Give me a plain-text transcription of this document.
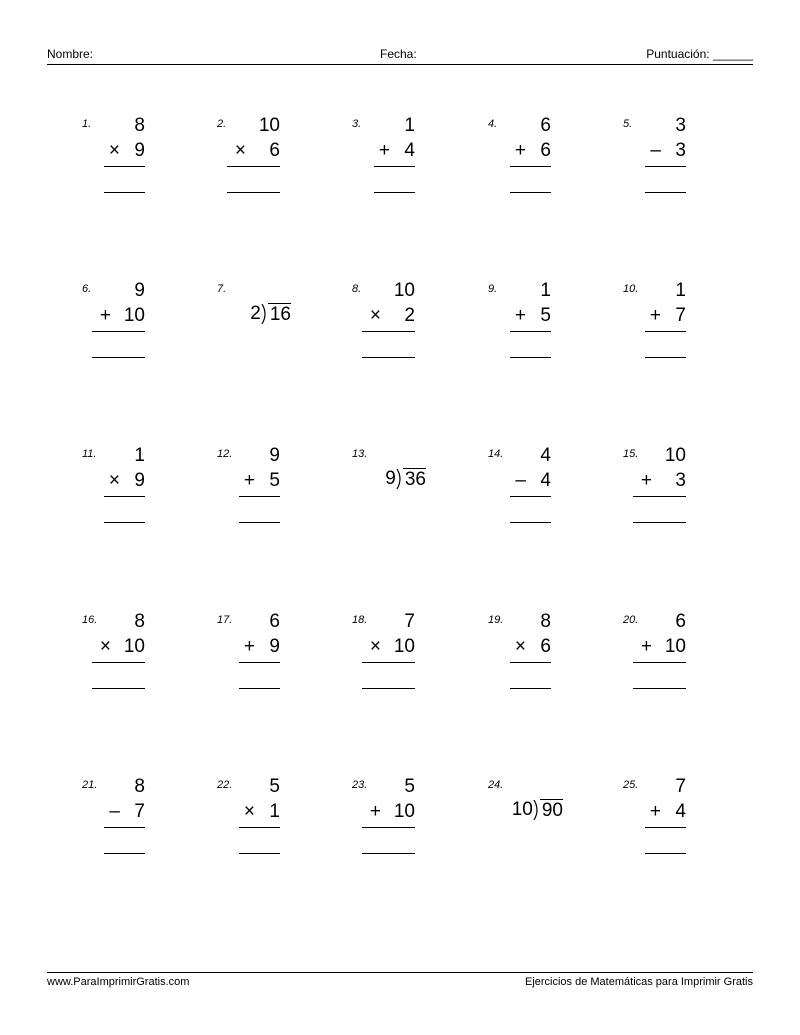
Nombre:	Fecha:	Puntuación: ______
1. 8
× 9
2. 10
× 6
3. 1
+ 4
4. 6
+ 6
5. 3
– 3
6. 9
+ 10
7.
2 16
8. 10
× 2
9. 1
+ 5
10. 1
+ 7
11. 1
× 9
12. 9
+ 5
13.
9 36
14. 4
– 4
15. 10
+ 3
16. 8
× 10
17. 6
+ 9
18. 7
× 10
19. 8
× 6
20. 6
+ 10
21. 8
– 7
22. 5
× 1
23. 5
+ 10
24.
10 90
25. 7
+ 4
www.ParaImprimirGratis.com	Ejercicios de Matemáticas para Imprimir Gratis
